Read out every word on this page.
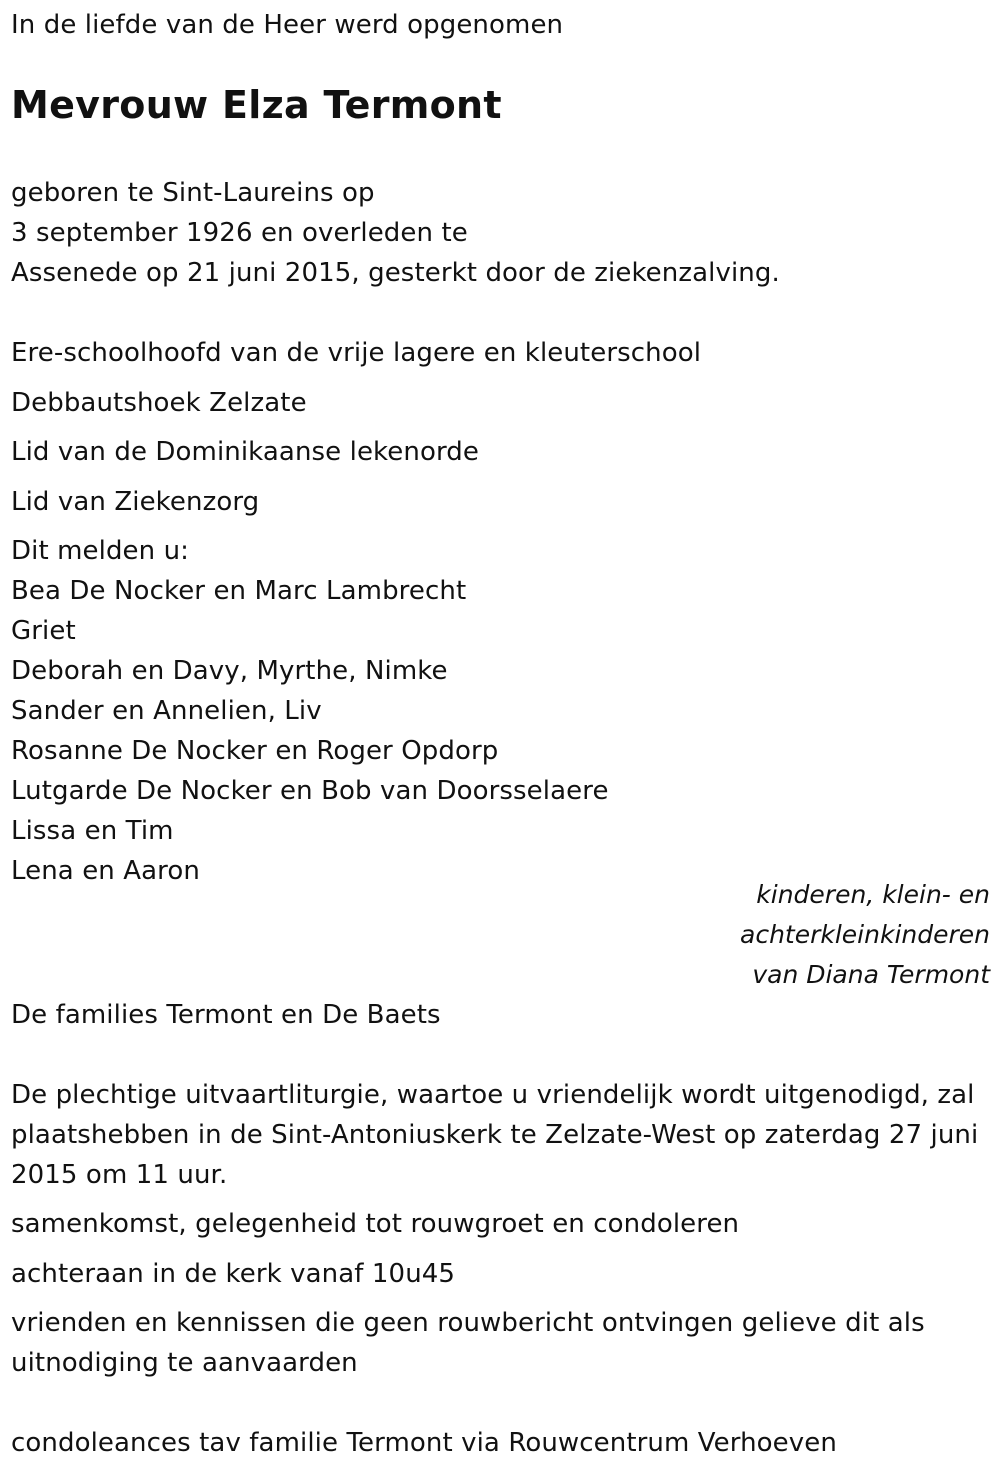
In de liefde van de Heer werd opgenomen
Mevrouw Elza Termont
geboren te Sint-Laureins op
3 september 1926 en overleden te
Assenede op 21 juni 2015, gesterkt door de ziekenzalving.
Ere-schoolhoofd van de vrije lagere en kleuterschool
Debbautshoek Zelzate
Lid van de Dominikaanse lekenorde
Lid van Ziekenzorg
Dit melden u:
Bea De Nocker en Marc Lambrecht
Griet
Deborah en Davy, Myrthe, Nimke
Sander en Annelien, Liv
Rosanne De Nocker en Roger Opdorp
Lutgarde De Nocker en Bob van Doorsselaere
Lissa en Tim
Lena en Aaron
kinderen, klein- en
achterkleinkinderen
van Diana Termont
De families Termont en De Baets
De plechtige uitvaartliturgie, waartoe u vriendelijk wordt uitgenodigd, zal
plaatshebben in de Sint-Antoniuskerk te Zelzate-West op zaterdag 27 juni
2015 om 11 uur.
samenkomst, gelegenheid tot rouwgroet en condoleren
achteraan in de kerk vanaf 10u45
vrienden en kennissen die geen rouwbericht ontvingen gelieve dit als
uitnodiging te aanvaarden
condoleances tav familie Termont via Rouwcentrum Verhoeven
